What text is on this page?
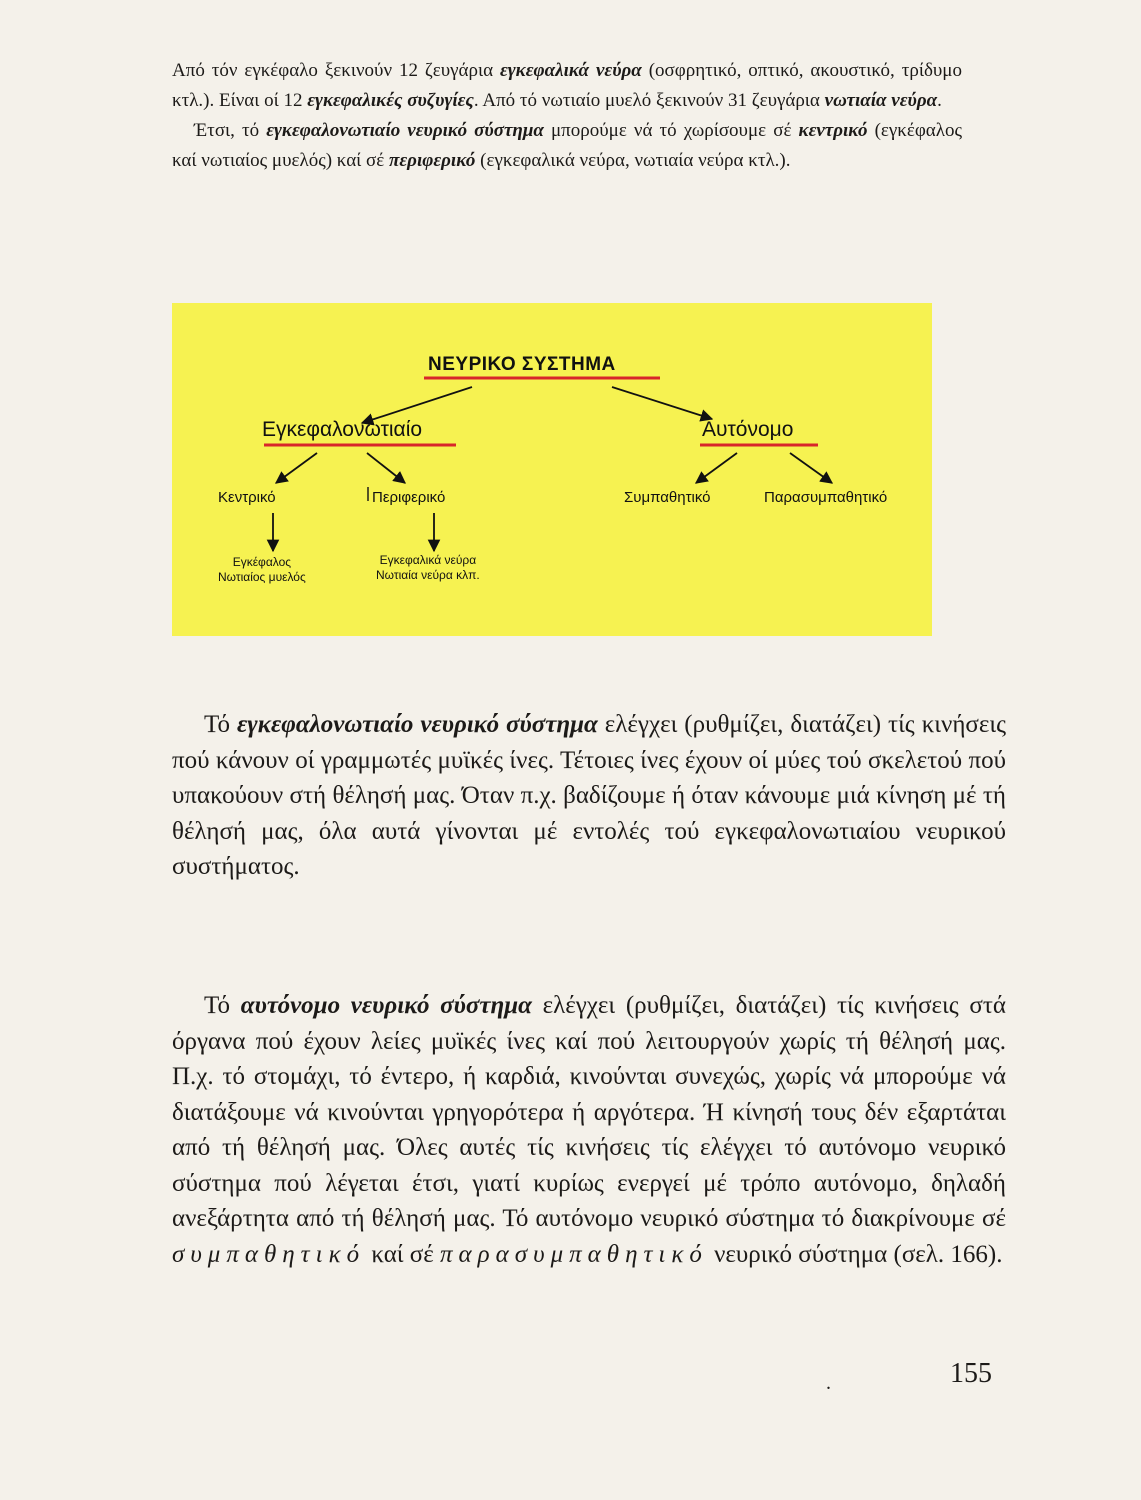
Από τόν εγκέφαλο ξεκινούν 12 ζευγάρια εγκεφαλικά νεύρα (οσφρητικό, οπτικό, ακουστικό, τρίδυμο κτλ.). Είναι οί 12 εγκεφαλικές συζυγίες. Από τό νωτιαίο μυελό ξεκινούν 31 ζευγάρια νωτιαία νεύρα.

Έτσι, τό εγκεφαλονωτιαίο νευρικό σύστημα μπορούμε νά τό χωρίσουμε σέ κεντρικό (εγκέφαλος καί νωτιαίος μυελός) καί σέ περιφερικό (εγκεφαλικά νεύρα, νωτιαία νεύρα κτλ.).

ΝΕΥΡΙΚΟ ΣΥΣΤΗΜΑ
Εγκεφαλονωτιαίο	Αυτόνομο
Κεντρικό	Περιφερικό	Συμπαθητικό	Παρασυμπαθητικό
Εγκέφαλος
Νωτιαίος μυελός
Εγκεφαλικά νεύρα
Νωτιαία νεύρα κλπ.

Τό εγκεφαλονωτιαίο νευρικό σύστημα ελέγχει (ρυθμίζει, διατάζει) τίς κινήσεις πού κάνουν οί γραμμωτές μυϊκές ίνες. Τέτοιες ίνες έχουν οί μύες τού σκελετού πού υπακούουν στή θέλησή μας. Όταν π.χ. βαδίζουμε ή όταν κάνουμε μιά κίνηση μέ τή θέλησή μας, όλα αυτά γίνονται μέ εντολές τού εγκεφαλονωτιαίου νευρικού συστήματος.

Τό αυτόνομο νευρικό σύστημα ελέγχει (ρυθμίζει, διατάζει) τίς κινήσεις στά όργανα πού έχουν λείες μυϊκές ίνες καί πού λειτουργούν χωρίς τή θέλησή μας. Π.χ. τό στομάχι, τό έντερο, ή καρδιά, κινούνται συνεχώς, χωρίς νά μπορούμε νά διατάξουμε νά κινούνται γρηγορότερα ή αργότερα. Ή κίνησή τους δέν εξαρτάται από τή θέλησή μας. Όλες αυτές τίς κινήσεις τίς ελέγχει τό αυτόνομο νευρικό σύστημα πού λέγεται έτσι, γιατί κυρίως ενεργεί μέ τρόπο αυτόνομο, δηλαδή ανεξάρτητα από τή θέλησή μας. Τό αυτόνομο νευρικό σύστημα τό διακρίνουμε σέ συμπαθητικό καί σέ παρασυμπαθητικό νευρικό σύστημα (σελ. 166).

.	155
